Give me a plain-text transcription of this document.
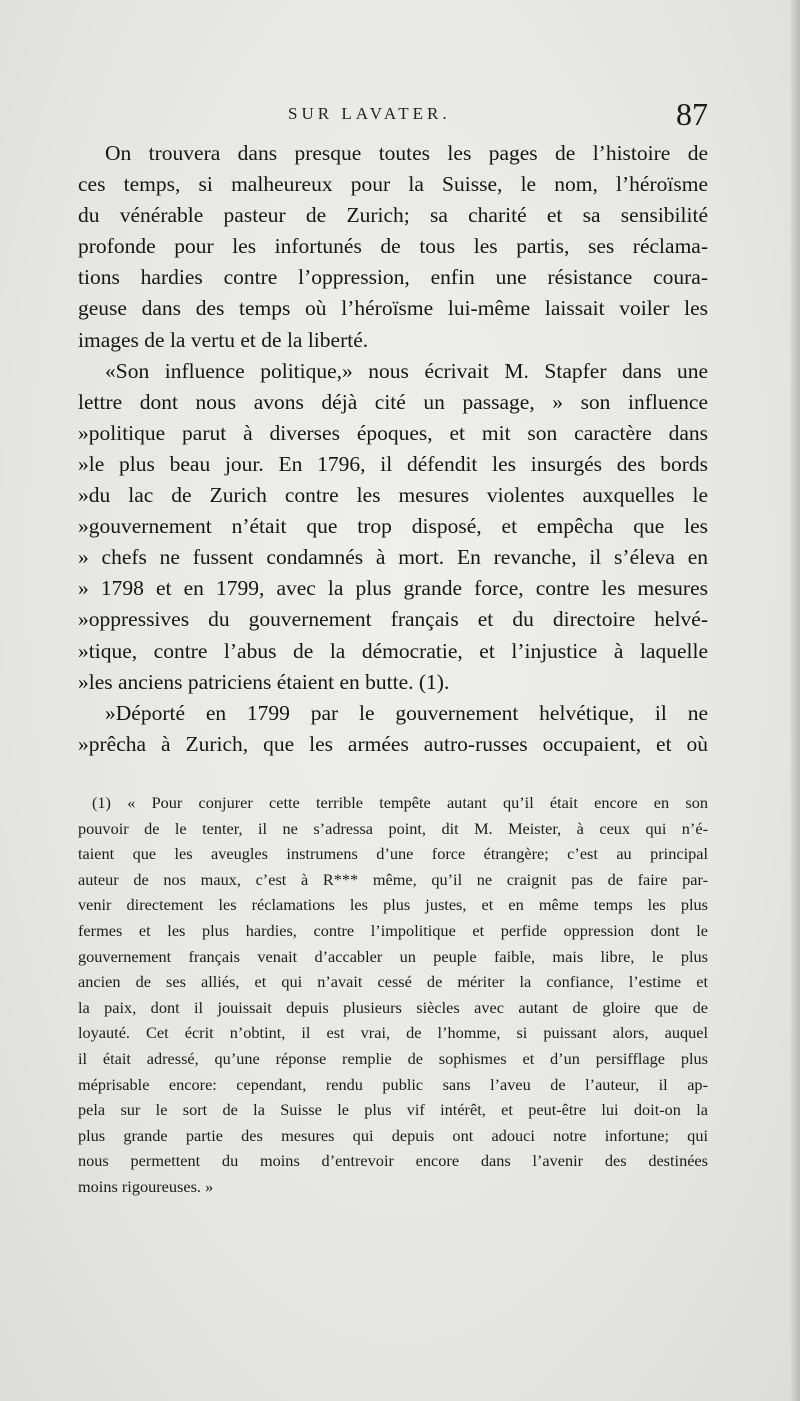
SUR LAVATER.	87
On trouvera dans presque toutes les pages de l’histoire de
ces temps, si malheureux pour la Suisse, le nom, l’héroïsme
du vénérable pasteur de Zurich; sa charité et sa sensibilité
profonde pour les infortunés de tous les partis, ses réclama-
tions hardies contre l’oppression, enfin une résistance coura-
geuse dans des temps où l’héroïsme lui-même laissait voiler les
images de la vertu et de la liberté.
«Son influence politique,» nous écrivait M. Stapfer dans une
lettre dont nous avons déjà cité un passage, » son influence
»politique parut à diverses époques, et mit son caractère dans
»le plus beau jour. En 1796, il défendit les insurgés des bords
»du lac de Zurich contre les mesures violentes auxquelles le
»gouvernement n’était que trop disposé, et empêcha que les
» chefs ne fussent condamnés à mort. En revanche, il s’éleva en
» 1798 et en 1799, avec la plus grande force, contre les mesures
»oppressives du gouvernement français et du directoire helvé-
»tique, contre l’abus de la démocratie, et l’injustice à laquelle
»les anciens patriciens étaient en butte. (1).
»Déporté en 1799 par le gouvernement helvétique, il ne
»prêcha à Zurich, que les armées autro-russes occupaient, et où
(1) « Pour conjurer cette terrible tempête autant qu’il était encore en son
pouvoir de le tenter, il ne s’adressa point, dit M. Meister, à ceux qui n’é-
taient que les aveugles instrumens d’une force étrangère; c’est au principal
auteur de nos maux, c’est à R*** même, qu’il ne craignit pas de faire par-
venir directement les réclamations les plus justes, et en même temps les plus
fermes et les plus hardies, contre l’impolitique et perfide oppression dont le
gouvernement français venait d’accabler un peuple faible, mais libre, le plus
ancien de ses alliés, et qui n’avait cessé de mériter la confiance, l’estime et
la paix, dont il jouissait depuis plusieurs siècles avec autant de gloire que de
loyauté. Cet écrit n’obtint, il est vrai, de l’homme, si puissant alors, auquel
il était adressé, qu’une réponse remplie de sophismes et d’un persifflage plus
méprisable encore: cependant, rendu public sans l’aveu de l’auteur, il ap-
pela sur le sort de la Suisse le plus vif intérêt, et peut-être lui doit-on la
plus grande partie des mesures qui depuis ont adouci notre infortune; qui
nous permettent du moins d’entrevoir encore dans l’avenir des destinées
moins rigoureuses. »
